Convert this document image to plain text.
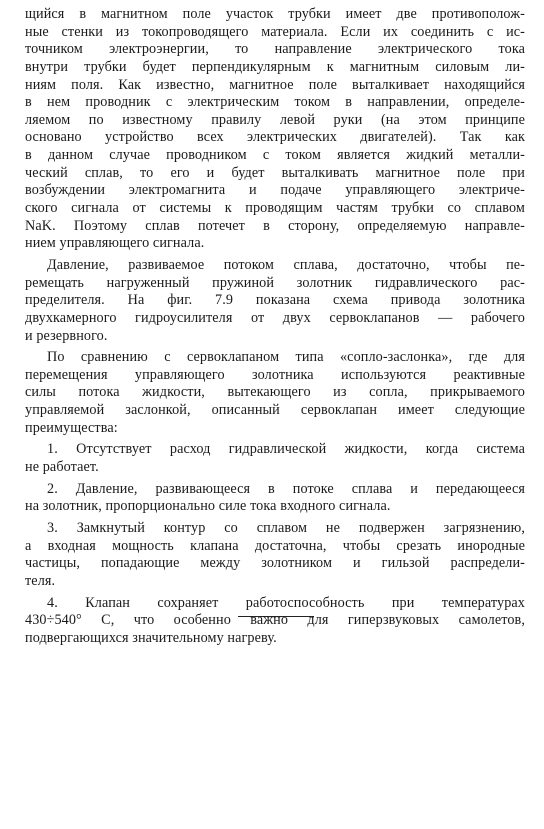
щийся в магнитном поле участок трубки имеет две противополож-
ные стенки из токопроводящего материала. Если их соединить с ис-
точником электроэнергии, то направление электрического тока
внутри трубки будет перпендикулярным к магнитным силовым ли-
ниям поля. Как известно, магнитное поле выталкивает находящийся
в нем проводник с электрическим током в направлении, определе-
ляемом по известному правилу левой руки (на этом принципе
основано устройство всех электрических двигателей). Так как
в данном случае проводником с током является жидкий металли-
ческий сплав, то его и будет выталкивать магнитное поле при
возбуждении электромагнита и подаче управляющего электриче-
ского сигнала от системы к проводящим частям трубки со сплавом
NaK. Поэтому сплав потечет в сторону, определяемую направле-
нием управляющего сигнала.
Давление, развиваемое потоком сплава, достаточно, чтобы пе-
ремещать нагруженный пружиной золотник гидравлического рас-
пределителя. На фиг. 7.9 показана схема привода золотника
двухкамерного гидроусилителя от двух сервоклапанов — рабочего
и резервного.
По сравнению с сервоклапаном типа «сопло-заслонка», где для
перемещения управляющего золотника используются реактивные
силы потока жидкости, вытекающего из сопла, прикрываемого
управляемой заслонкой, описанный сервоклапан имеет следующие
преимущества:
1. Отсутствует расход гидравлической жидкости, когда система
не работает.
2. Давление, развивающееся в потоке сплава и передающееся
на золотник, пропорционально силе тока входного сигнала.
3. Замкнутый контур со сплавом не подвержен загрязнению,
а входная мощность клапана достаточна, чтобы срезать инородные
частицы, попадающие между золотником и гильзой распредели-
теля.
4. Клапан сохраняет работоспособность при температурах
430÷540° С, что особенно важно для гиперзвуковых самолетов,
подвергающихся значительному нагреву.
